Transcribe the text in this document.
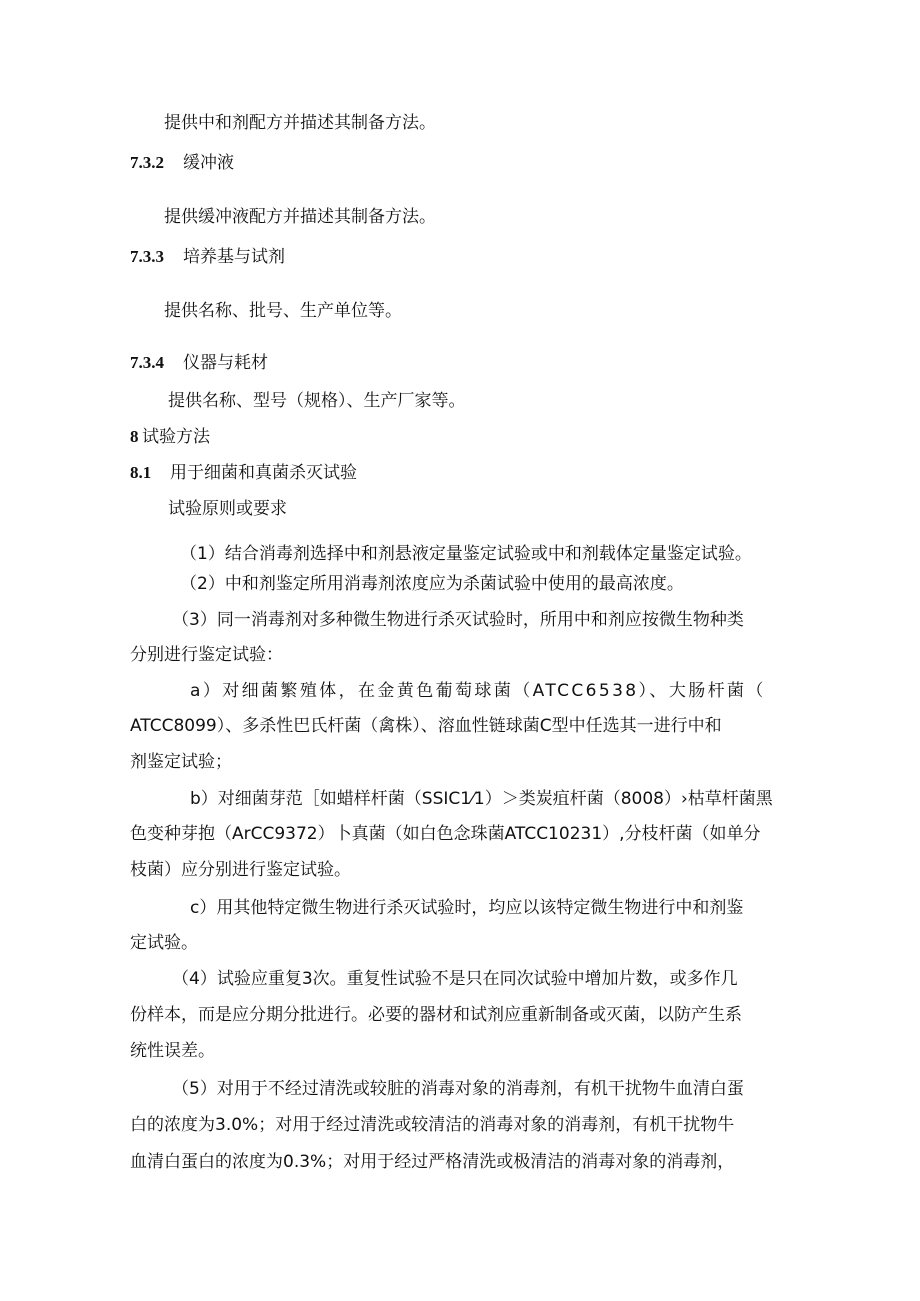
提供中和剂配方并描述其制备方法。
7.3.2 缓冲液
提供缓冲液配方并描述其制备方法。
7.3.3 培养基与试剂
提供名称、批号、生产单位等。
7.3.4 仪器与耗材
提供名称、型号（规格）、生产厂家等。
8 试验方法
8.1 用于细菌和真菌杀灭试验
试验原则或要求
（1）结合消毒剂选择中和剂悬液定量鉴定试验或中和剂载体定量鉴定试验。
（2）中和剂鉴定所用消毒剂浓度应为杀菌试验中使用的最高浓度。
（3）同一消毒剂对多种微生物进行杀灭试验时，所用中和剂应按微生物种类
分别进行鉴定试验：
a）对细菌繁殖体，在金黄色葡萄球菌（ATCC6538）、大肠杆菌（
ATCC8099）、多杀性巴氏杆菌（禽株）、溶血性链球菌C型中任选其一进行中和
剂鉴定试验；
b）对细菌芽范［如蜡样杆菌（SSIC1⁄1）＞类炭疽杆菌（8008）›枯草杆菌黑
色变种芽抱（ArCC9372）卜真菌（如白色念珠菌ATCC10231）,分枝杆菌（如单分
枝菌）应分别进行鉴定试验。
c）用其他特定微生物进行杀灭试验时，均应以该特定微生物进行中和剂鉴
定试验。
（4）试验应重复3次。重复性试验不是只在同次试验中增加片数，或多作几
份样本，而是应分期分批进行。必要的器材和试剂应重新制备或灭菌，以防产生系
统性误差。
（5）对用于不经过清洗或较脏的消毒对象的消毒剂，有机干扰物牛血清白蛋
白的浓度为3.0%；对用于经过清洗或较清洁的消毒对象的消毒剂，有机干扰物牛
血清白蛋白的浓度为0.3%；对用于经过严格清洗或极清洁的消毒对象的消毒剂，
